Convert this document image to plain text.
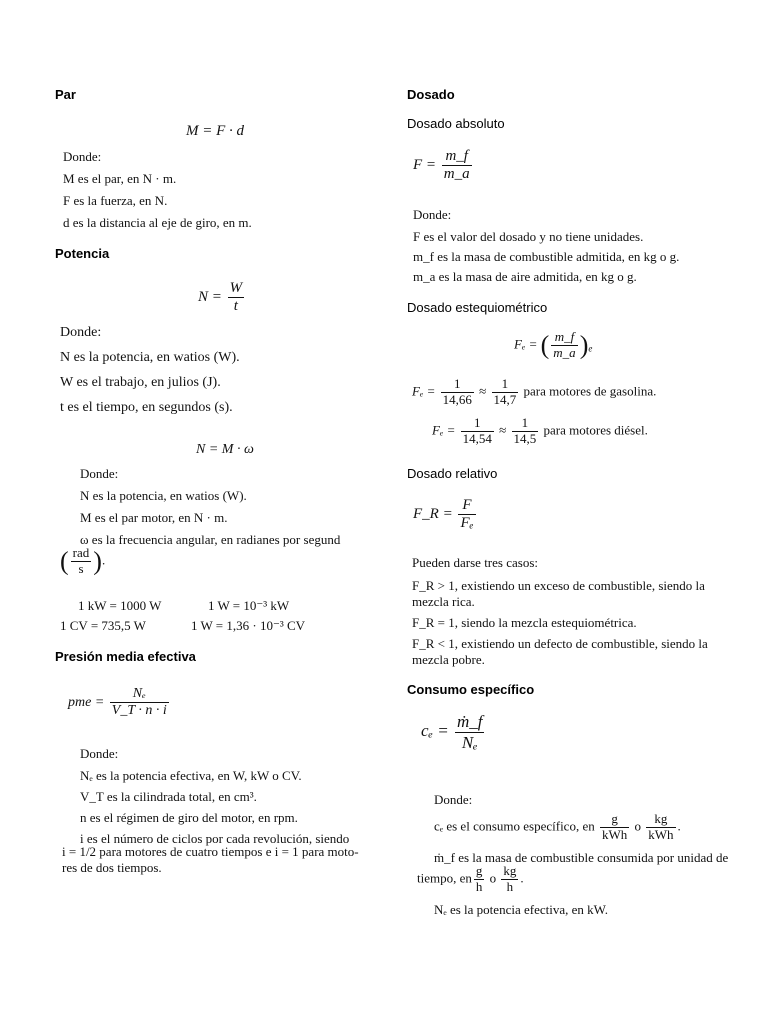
Par
M = F · d

Donde:

M es el par, en N · m.

F es la fuerza, en N.

d es la distancia al eje de giro, en m.

Potencia
$N = \frac{W}{t}$

Donde:

N es la potencia, en watios (W).

W es el trabajo, en julios (J).

t es el tiempo, en segundos (s).

N = M · ω

Donde:

N es la potencia, en watios (W).

M es el par motor, en N · m.

ω es la frecuencia angular, en radianes por segund

( $\frac{\text{rad}}{s}$ ).
1 kW = 1000 W	1 W = 10⁻³ kW
1 CV = 735,5 W	1 W = 1,36 · 10⁻³ CV
Presión media efectiva
pme = $\frac{\text{Nₑ}}{V\_T \cdot n \cdot i}$

Donde:

Nₑ es la potencia efectiva, en W, kW o CV.

V_T es la cilindrada total, en cm³.

n es el régimen de giro del motor, en rpm.

i es el número de ciclos por cada revolución, siendo

i = 1/2 para motores de cuatro tiempos e i = 1 para moto-

res de dos tiempos.

Dosado
Dosado absoluto
$F = \frac{m\_f}{m\_a}$

Donde:

F es el valor del dosado y no tiene unidades.

m_f es la masa de combustible admitida, en kg o g.

m_a es la masa de aire admitida, en kg o g.

Dosado estequiométrico
Fₑ = ( $\frac{m\_f}{m\_a} )_e$
$F_e = \frac{1}{14,66} \approx \frac{1}{14,7}$ para motores de gasolina.
$F_e = \frac{1}{14,54} \approx \frac{1}{14,5}$ para motores diésel.
Dosado relativo
F_R = $\frac{F}{\text{Fₑ}}$

Pueden darse tres casos:

F_R > 1, existiendo un exceso de combustible, siendo la

mezcla rica.

F_R = 1, siendo la mezcla estequiométrica.

F_R < 1, existiendo un defecto de combustible, siendo la

mezcla pobre.

Consumo específico
$c_e = \frac{\text{ṁ\_f}}{\text{Nₑ}}$
Donde:
cₑ es el consumo específico, en $\frac{g}{\text{kWh}}$ o $\frac{kg}{\text{kWh}}$ .
ṁ_f es la masa de combustible consumida por unidad de
tiempo, en $\frac{g}{h}$ o $\frac{kg}{h}$ .
Nₑ es la potencia efectiva, en kW.
